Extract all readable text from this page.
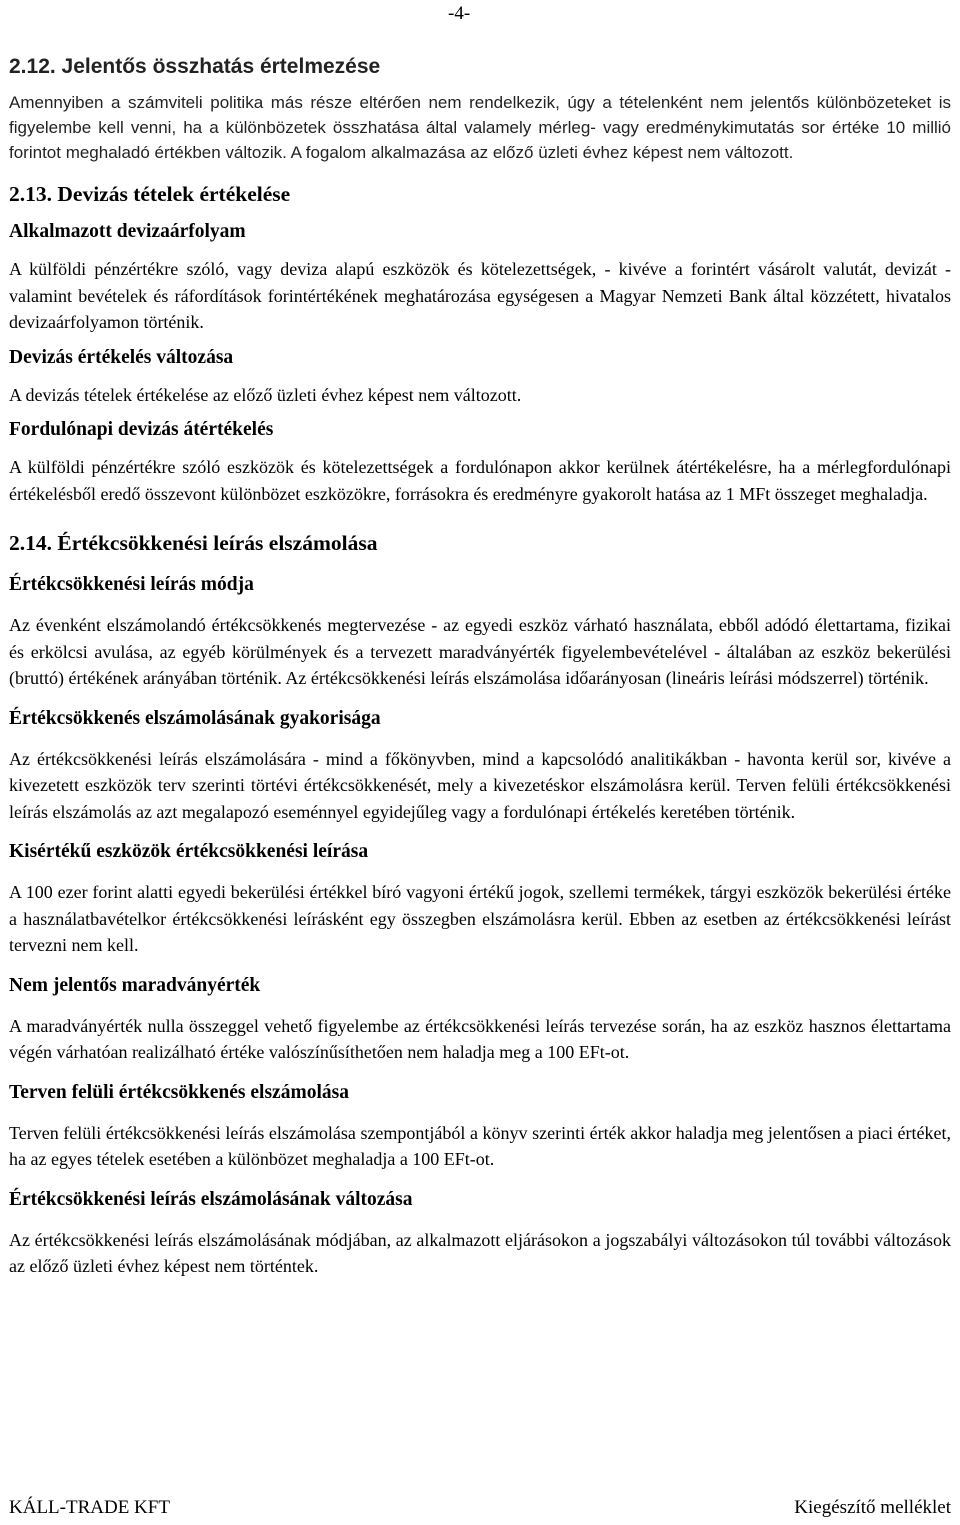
-4-
2.12. Jelentős összhatás értelmezése

Amennyiben a számviteli politika más része eltérően nem rendelkezik, úgy a tételenként nem jelentős különbözeteket is figyelembe kell venni, ha a különbözetek összhatása által valamely mérleg- vagy eredménykimutatás sor értéke 10 millió forintot meghaladó értékben változik. A fogalom alkalmazása az előző üzleti évhez képest nem változott.

2.13. Devizás tételek értékelése
Alkalmazott devizaárfolyam

A külföldi pénzértékre szóló, vagy deviza alapú eszközök és kötelezettségek, - kivéve a forintért vásárolt valutát, devizát - valamint bevételek és ráfordítások forintértékének meghatározása egységesen a Magyar Nemzeti Bank által közzétett, hivatalos devizaárfolyamon történik.

Devizás értékelés változása

A devizás tételek értékelése az előző üzleti évhez képest nem változott.

Fordulónapi devizás átértékelés

A külföldi pénzértékre szóló eszközök és kötelezettségek a fordulónapon akkor kerülnek átértékelésre, ha a mérlegfordulónapi értékelésből eredő összevont különbözet eszközökre, forrásokra és eredményre gyakorolt hatása az 1 MFt összeget meghaladja.

2.14. Értékcsökkenési leírás elszámolása
Értékcsökkenési leírás módja

Az évenként elszámolandó értékcsökkenés megtervezése - az egyedi eszköz várható használata, ebből adódó élettartama, fizikai és erkölcsi avulása, az egyéb körülmények és a tervezett maradványérték figyelembevételével - általában az eszköz bekerülési (bruttó) értékének arányában történik. Az értékcsökkenési leírás elszámolása időarányosan (lineáris leírási módszerrel) történik.

Értékcsökkenés elszámolásának gyakorisága

Az értékcsökkenési leírás elszámolására - mind a főkönyvben, mind a kapcsolódó analitikákban - havonta kerül sor, kivéve a kivezetett eszközök terv szerinti törtévi értékcsökkenését, mely a kivezetéskor elszámolásra kerül. Terven felüli értékcsökkenési leírás elszámolás az azt megalapozó eseménnyel egyidejűleg vagy a fordulónapi értékelés keretében történik.

Kisértékű eszközök értékcsökkenési leírása

A 100 ezer forint alatti egyedi bekerülési értékkel bíró vagyoni értékű jogok, szellemi termékek, tárgyi eszközök bekerülési értéke a használatbavételkor értékcsökkenési leírásként egy összegben elszámolásra kerül. Ebben az esetben az értékcsökkenési leírást tervezni nem kell.

Nem jelentős maradványérték

A maradványérték nulla összeggel vehető figyelembe az értékcsökkenési leírás tervezése során, ha az eszköz hasznos élettartama végén várhatóan realizálható értéke valószínűsíthetően nem haladja meg a 100 EFt-ot.

Terven felüli értékcsökkenés elszámolása

Terven felüli értékcsökkenési leírás elszámolása szempontjából a könyv szerinti érték akkor haladja meg jelentősen a piaci értéket, ha az egyes tételek esetében a különbözet meghaladja a 100 EFt-ot.

Értékcsökkenési leírás elszámolásának változása

Az értékcsökkenési leírás elszámolásának módjában, az alkalmazott eljárásokon a jogszabályi változásokon túl további változások az előző üzleti évhez képest nem történtek.

KÁLL-TRADE KFT	Kiegészítő melléklet
